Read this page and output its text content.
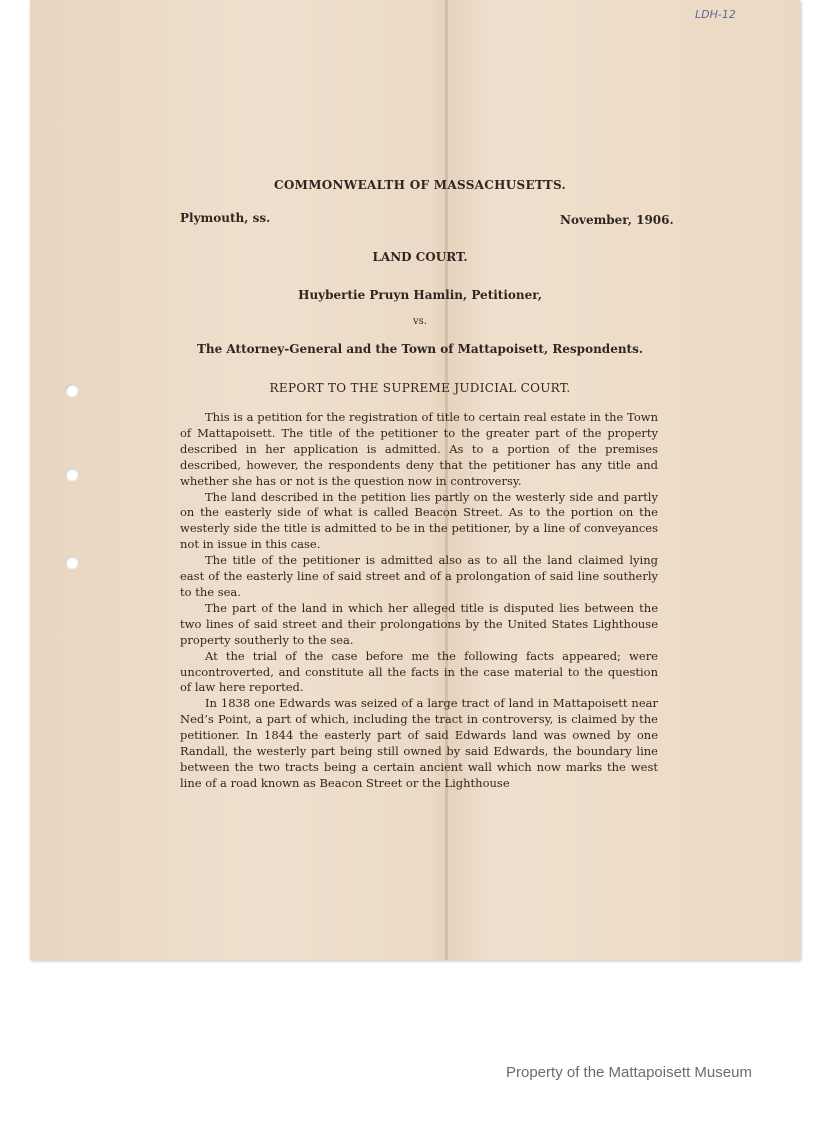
LDH-12
COMMONWEALTH OF MASSACHUSETTS.
Plymouth, ss.	November, 1906.
LAND COURT.
Huybertie Pruyn Hamlin, Petitioner,
vs.
The Attorney-General and the Town of Mattapoisett, Respondents.
REPORT TO THE SUPREME JUDICIAL COURT.

This is a petition for the registration of title to certain real estate in the Town of Mattapoisett. The title of the petitioner to the greater part of the property described in her application is admitted. As to a portion of the premises described, however, the respondents deny that the petitioner has any title and whether she has or not is the question now in controversy.

The land described in the petition lies partly on the westerly side and partly on the easterly side of what is called Beacon Street. As to the portion on the westerly side the title is admitted to be in the petitioner, by a line of conveyances not in issue in this case.

The title of the petitioner is admitted also as to all the land claimed lying east of the easterly line of said street and of a prolongation of said line southerly to the sea.

The part of the land in which her alleged title is disputed lies between the two lines of said street and their prolongations by the United States Lighthouse property southerly to the sea.

At the trial of the case before me the following facts appeared; were uncontroverted, and constitute all the facts in the case material to the question of law here reported.

In 1838 one Edwards was seized of a large tract of land in Mattapoisett near Ned’s Point, a part of which, including the tract in controversy, is claimed by the petitioner. In 1844 the easterly part of said Edwards land was owned by one Randall, the westerly part being still owned by said Edwards, the boundary line between the two tracts being a certain ancient wall which now marks the west line of a road known as Beacon Street or the Lighthouse

Property of the Mattapoisett Museum
